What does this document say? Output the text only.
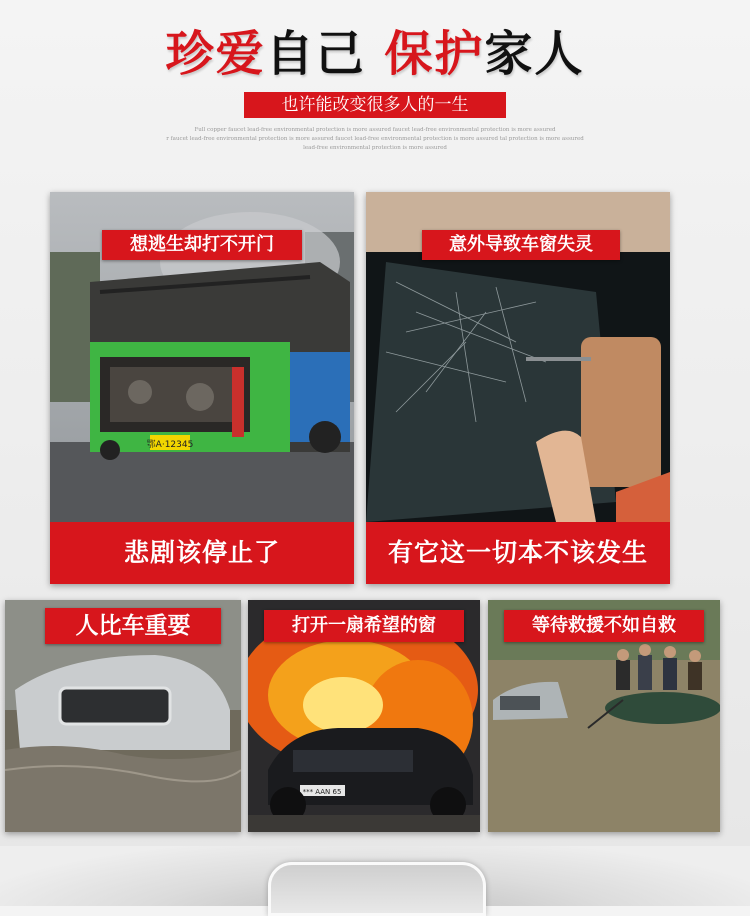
珍爱自己 保护家人
也许能改变很多人的一生
Full copper faucet lead-free environmental protection is more assured faucet lead-free environmental protection is more assured
r faucet lead-free environmental protection is more assured faucet lead-free environmental protection is more assured tal protection is more assured
lead-free environmental protection is more assured
鄂A·12345
想逃生却打不开门
悲剧该停止了
意外导致车窗失灵
有它这一切本不该发生
人比车重要
*** AAN 65
打开一扇希望的窗	等待救援不如自救
